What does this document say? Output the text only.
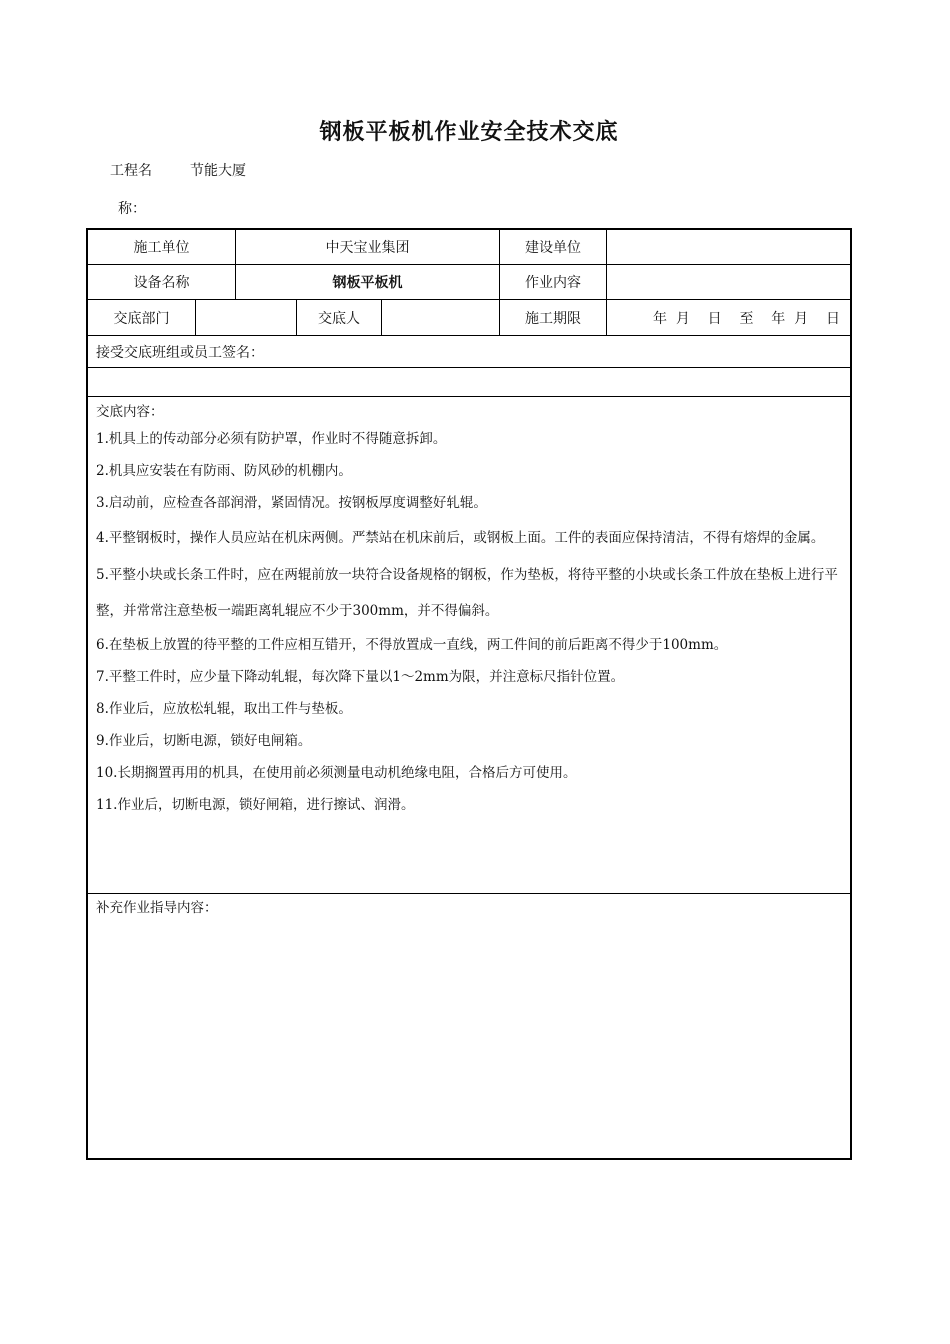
钢板平板机作业安全技术交底
工程名	节能大厦
称：
施工单位	中天宝业集团	建设单位
设备名称	钢板平板机	作业内容
交底部门	交底人	施工期限	年  月    日    至    年  月    日
接受交底班组或员工签名：
交底内容：

1.机具上的传动部分必须有防护罩，作业时不得随意拆卸。

2.机具应安装在有防雨、防风砂的机棚内。

3.启动前，应检查各部润滑，紧固情况。按钢板厚度调整好轧辊。

4.平整钢板时，操作人员应站在机床两侧。严禁站在机床前后，或钢板上面。工件的表面应保持清洁，不得有熔焊的金属。

5.平整小块或长条工件时，应在两辊前放一块符合设备规格的钢板，作为垫板，将待平整的小块或长条工件放在垫板上进行平整，并常常注意垫板一端距离轧辊应不少于300mm，并不得偏斜。

6.在垫板上放置的待平整的工件应相互错开，不得放置成一直线，两工件间的前后距离不得少于100mm。

7.平整工件时，应少量下降动轧辊，每次降下量以1～2mm为限，并注意标尺指针位置。

8.作业后，应放松轧辊，取出工件与垫板。

9.作业后，切断电源，锁好电闸箱。

10.长期搁置再用的机具，在使用前必须测量电动机绝缘电阻，合格后方可使用。

11.作业后，切断电源，锁好闸箱，进行擦试、润滑。

补充作业指导内容：
